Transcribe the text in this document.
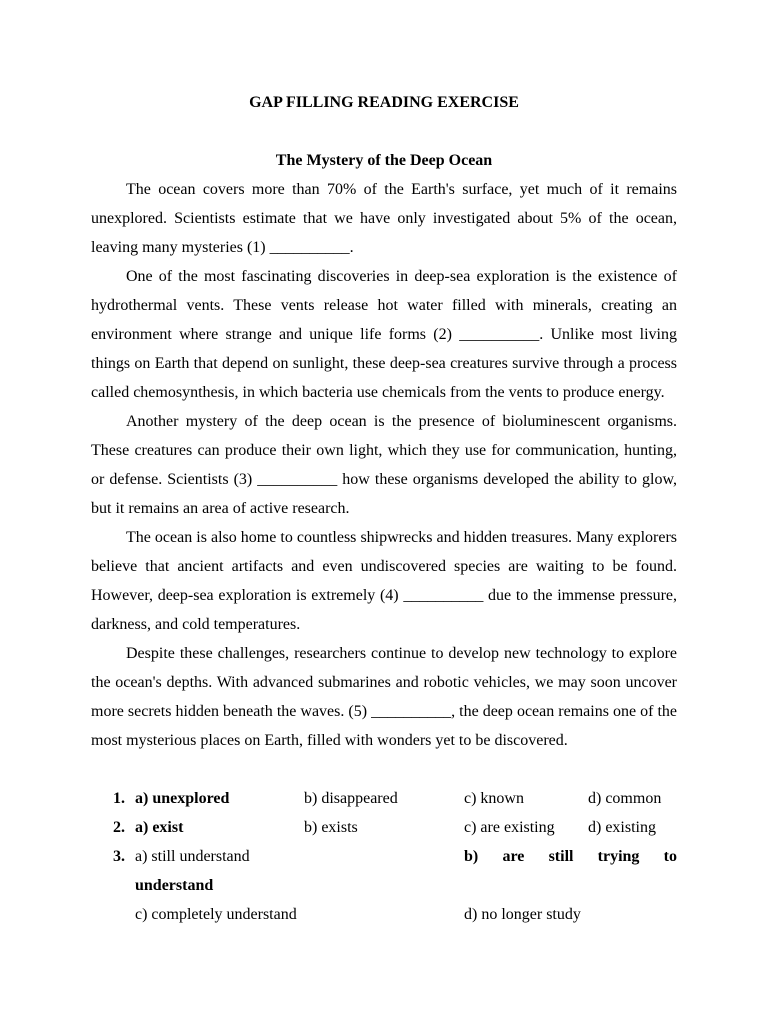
GAP FILLING READING EXERCISE
The Mystery of the Deep Ocean

The ocean covers more than 70% of the Earth's surface, yet much of it remains unexplored. Scientists estimate that we have only investigated about 5% of the ocean, leaving many mysteries (1) __________.

One of the most fascinating discoveries in deep-sea exploration is the existence of hydrothermal vents. These vents release hot water filled with minerals, creating an environment where strange and unique life forms (2) __________. Unlike most living things on Earth that depend on sunlight, these deep-sea creatures survive through a process called chemosynthesis, in which bacteria use chemicals from the vents to produce energy.

Another mystery of the deep ocean is the presence of bioluminescent organisms. These creatures can produce their own light, which they use for communication, hunting, or defense. Scientists (3) __________ how these organisms developed the ability to glow, but it remains an area of active research.

The ocean is also home to countless shipwrecks and hidden treasures. Many explorers believe that ancient artifacts and even undiscovered species are waiting to be found. However, deep-sea exploration is extremely (4) __________ due to the immense pressure, darkness, and cold temperatures.

Despite these challenges, researchers continue to develop new technology to explore the ocean's depths. With advanced submarines and robotic vehicles, we may soon uncover more secrets hidden beneath the waves. (5) __________, the deep ocean remains one of the most mysterious places on Earth, filled with wonders yet to be discovered.

1. a) unexplored	b) disappeared	c) known	d) common
2. a) exist	b) exists	c) are existing d) existing
3. a) still understand	b) are still trying to
understand
c) completely understand	d) no longer study
